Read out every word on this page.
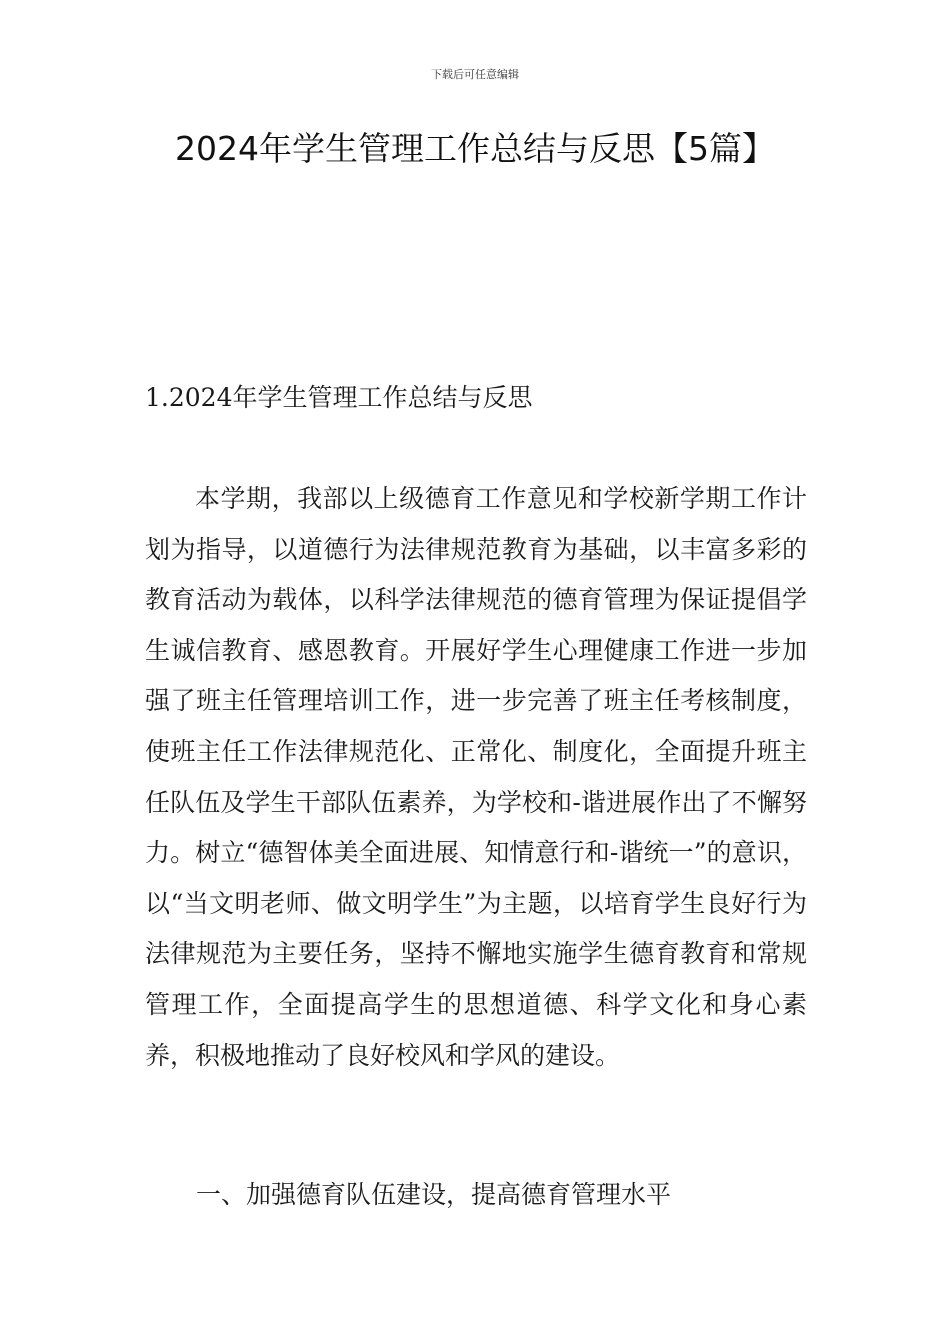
下载后可任意编辑
2024年学生管理工作总结与反思【5篇】
1.2024年学生管理工作总结与反思

本学期，我部以上级德育工作意见和学校新学期工作计划为指导，以道德行为法律规范教育为基础，以丰富多彩的教育活动为载体，以科学法律规范的德育管理为保证提倡学生诚信教育、感恩教育。开展好学生心理健康工作进一步加强了班主任管理培训工作，进一步完善了班主任考核制度，使班主任工作法律规范化、正常化、制度化，全面提升班主任队伍及学生干部队伍素养，为学校和-谐进展作出了不懈努力。树立“德智体美全面进展、知情意行和-谐统一”的意识，以“当文明老师、做文明学生”为主题，以培育学生良好行为法律规范为主要任务，坚持不懈地实施学生德育教育和常规管理工作，全面提高学生的思想道德、科学文化和身心素养，积极地推动了良好校风和学风的建设。

一、加强德育队伍建设，提高德育管理水平
